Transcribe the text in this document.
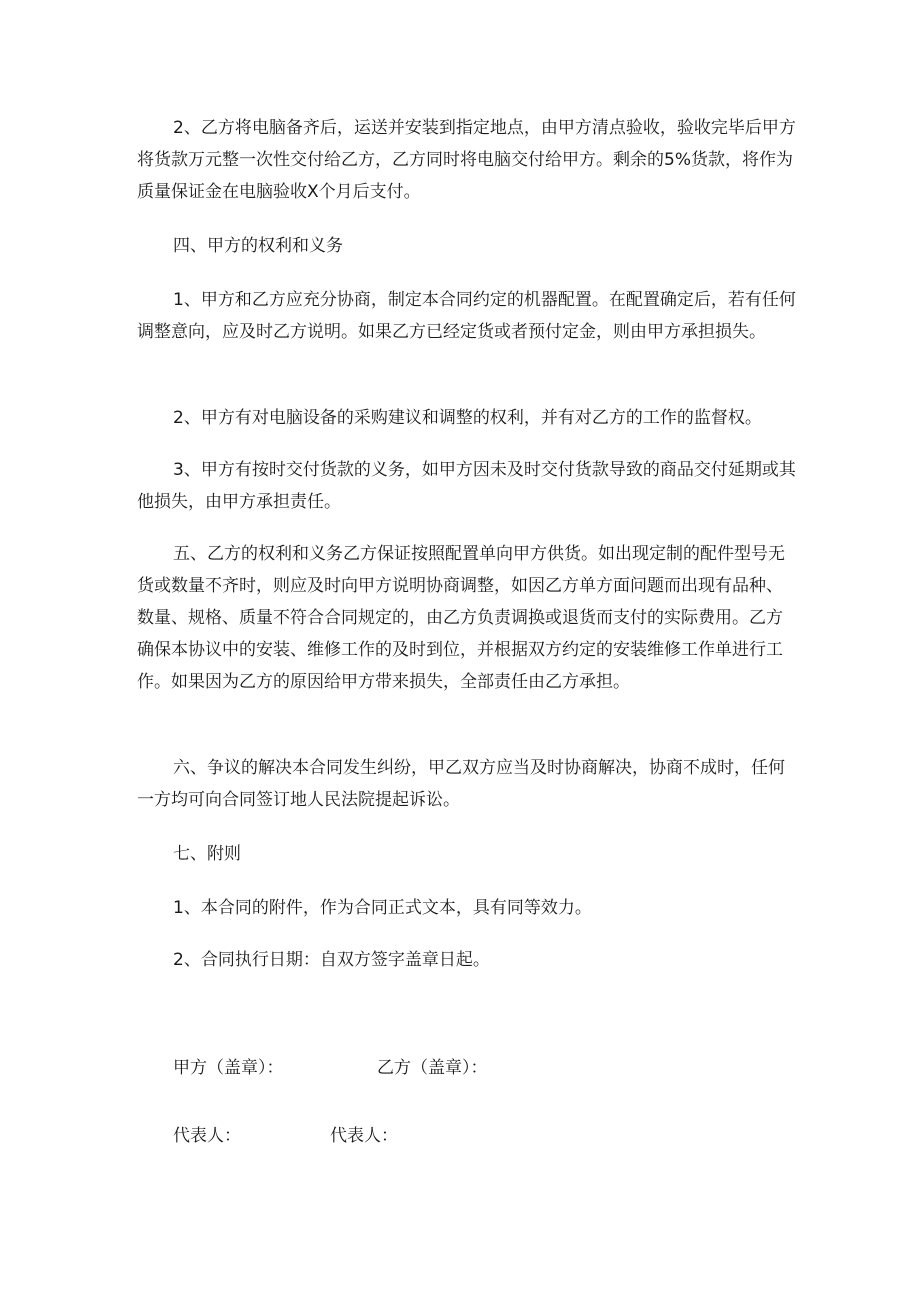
2、乙方将电脑备齐后，运送并安装到指定地点，由甲方清点验收，验收完毕后甲方将货款万元整一次性交付给乙方，乙方同时将电脑交付给甲方。剩余的5%货款，将作为质量保证金在电脑验收X个月后支付。

四、甲方的权利和义务

1、甲方和乙方应充分协商，制定本合同约定的机器配置。在配置确定后，若有任何调整意向，应及时乙方说明。如果乙方已经定货或者预付定金，则由甲方承担损失。

2、甲方有对电脑设备的采购建议和调整的权利，并有对乙方的工作的监督权。

3、甲方有按时交付货款的义务，如甲方因未及时交付货款导致的商品交付延期或其他损失，由甲方承担责任。

五、乙方的权利和义务乙方保证按照配置单向甲方供货。如出现定制的配件型号无货或数量不齐时，则应及时向甲方说明协商调整，如因乙方单方面问题而出现有品种、数量、规格、质量不符合合同规定的，由乙方负责调换或退货而支付的实际费用。乙方确保本协议中的安装、维修工作的及时到位，并根据双方约定的安装维修工作单进行工作。如果因为乙方的原因给甲方带来损失，全部责任由乙方承担。

六、争议的解决本合同发生纠纷，甲乙双方应当及时协商解决，协商不成时，任何一方均可向合同签订地人民法院提起诉讼。

七、附则

1、本合同的附件，作为合同正式文本，具有同等效力。

2、合同执行日期：自双方签字盖章日起。

甲方（盖章）：	乙方（盖章）：

代表人：	代表人：
